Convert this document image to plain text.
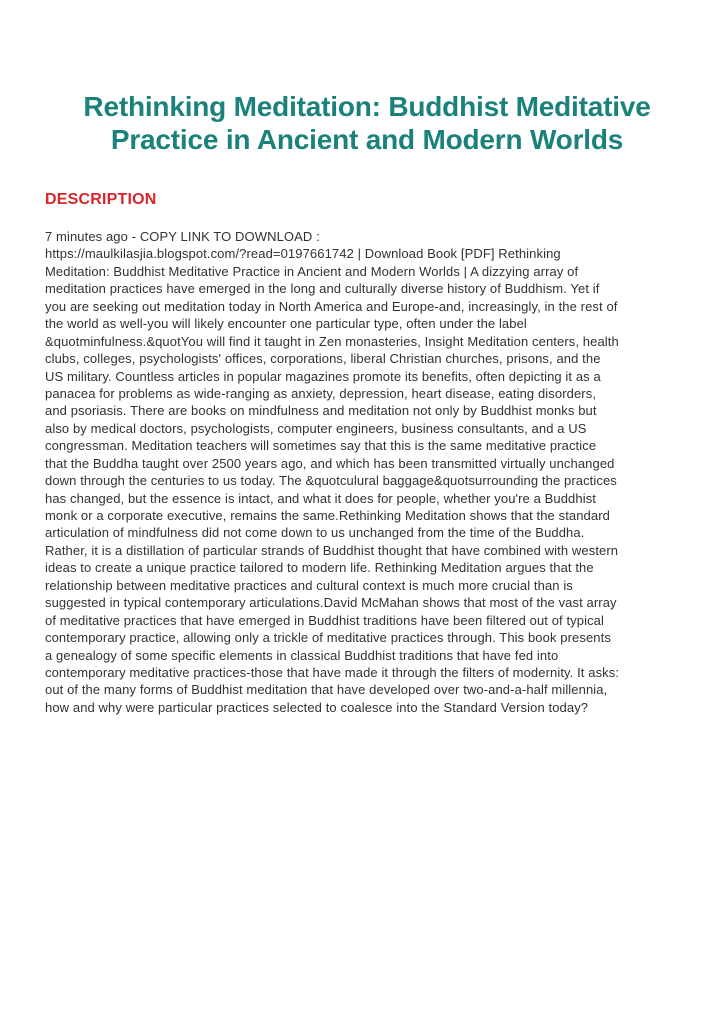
Rethinking Meditation: Buddhist Meditative
Practice in Ancient and Modern Worlds
DESCRIPTION
7 minutes ago - COPY LINK TO DOWNLOAD :
https://maulkilasjia.blogspot.com/?read=0197661742 | Download Book [PDF] Rethinking
Meditation: Buddhist Meditative Practice in Ancient and Modern Worlds | A dizzying array of
meditation practices have emerged in the long and culturally diverse history of Buddhism. Yet if
you are seeking out meditation today in North America and Europe-and, increasingly, in the rest of
the world as well-you will likely encounter one particular type, often under the label
&quotminfulness.&quotYou will find it taught in Zen monasteries, Insight Meditation centers, health
clubs, colleges, psychologists' offices, corporations, liberal Christian churches, prisons, and the
US military. Countless articles in popular magazines promote its benefits, often depicting it as a
panacea for problems as wide-ranging as anxiety, depression, heart disease, eating disorders,
and psoriasis. There are books on mindfulness and meditation not only by Buddhist monks but
also by medical doctors, psychologists, computer engineers, business consultants, and a US
congressman. Meditation teachers will sometimes say that this is the same meditative practice
that the Buddha taught over 2500 years ago, and which has been transmitted virtually unchanged
down through the centuries to us today. The &quotculural baggage&quotsurrounding the practices
has changed, but the essence is intact, and what it does for people, whether you're a Buddhist
monk or a corporate executive, remains the same.Rethinking Meditation shows that the standard
articulation of mindfulness did not come down to us unchanged from the time of the Buddha.
Rather, it is a distillation of particular strands of Buddhist thought that have combined with western
ideas to create a unique practice tailored to modern life. Rethinking Meditation argues that the
relationship between meditative practices and cultural context is much more crucial than is
suggested in typical contemporary articulations.David McMahan shows that most of the vast array
of meditative practices that have emerged in Buddhist traditions have been filtered out of typical
contemporary practice, allowing only a trickle of meditative practices through. This book presents
a genealogy of some specific elements in classical Buddhist traditions that have fed into
contemporary meditative practices-those that have made it through the filters of modernity. It asks:
out of the many forms of Buddhist meditation that have developed over two-and-a-half millennia,
how and why were particular practices selected to coalesce into the Standard Version today?
